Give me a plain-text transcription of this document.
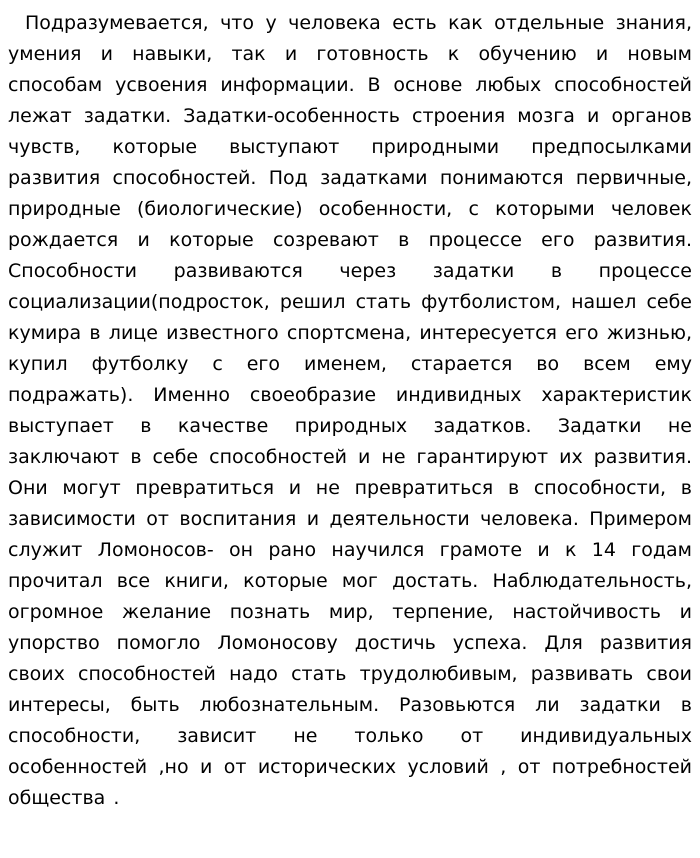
Подразумевается, что у человека есть как отдельные знания, умения и навыки, так и готовность к обучению и новым способам усвоения информации. В основе любых способностей лежат задатки. Задатки-особенность строения мозга и органов чувств, которые выступают природными предпосылками развития способностей. Под задатками понимаются первичные, природные (биологические) особенности, с которыми человек рождается и которые созревают в процессе его развития. Способности развиваются через задатки в процессе социализации(подросток, решил стать футболистом, нашел себе кумира в лице известного спортсмена, интересуется его жизнью, купил футболку с его именем, старается во всем ему подражать). Именно своеобразие индивидных характеристик выступает в качестве природных задатков. Задатки не заключают в себе способностей и не гарантируют их развития. Они могут превратиться и не превратиться в способности, в зависимости от воспитания и деятельности человека. Примером служит Ломоносов- он рано научился грамоте и к 14 годам прочитал все книги, которые мог достать. Наблюдательность, огромное желание познать мир, терпение, настойчивость и упорство помогло Ломоносову достичь успеха. Для развития своих способностей надо стать трудолюбивым, развивать свои интересы, быть любознательным. Разовьются ли задатки в способности, зависит не только от индивидуальных особенностей ,но и от исторических условий , от потребностей общества .
